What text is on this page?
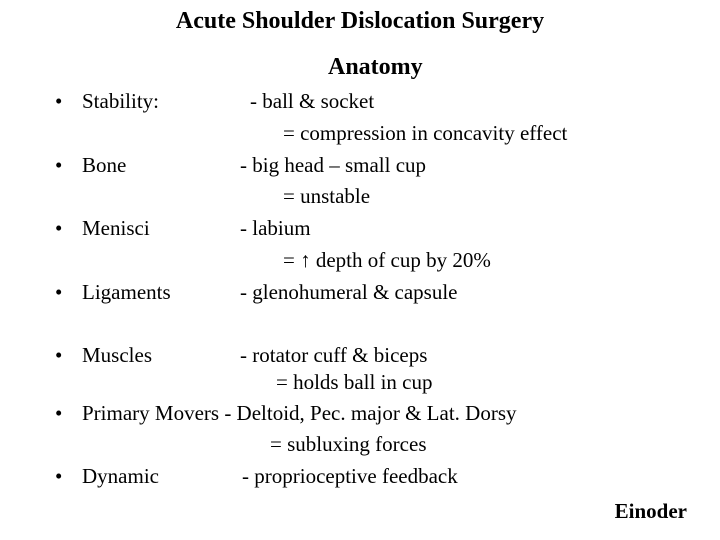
Acute Shoulder Dislocation Surgery
Anatomy
• Stability:	- ball & socket
= compression in concavity effect
• Bone	- big head – small cup
= unstable
• Menisci	- labium
= ↑ depth of cup by 20%
• Ligaments	- glenohumeral & capsule
• Muscles	- rotator cuff & biceps
= holds ball in cup
• Primary Movers - Deltoid, Pec. major & Lat. Dorsy
= subluxing forces
• Dynamic	- proprioceptive feedback
Einoder
